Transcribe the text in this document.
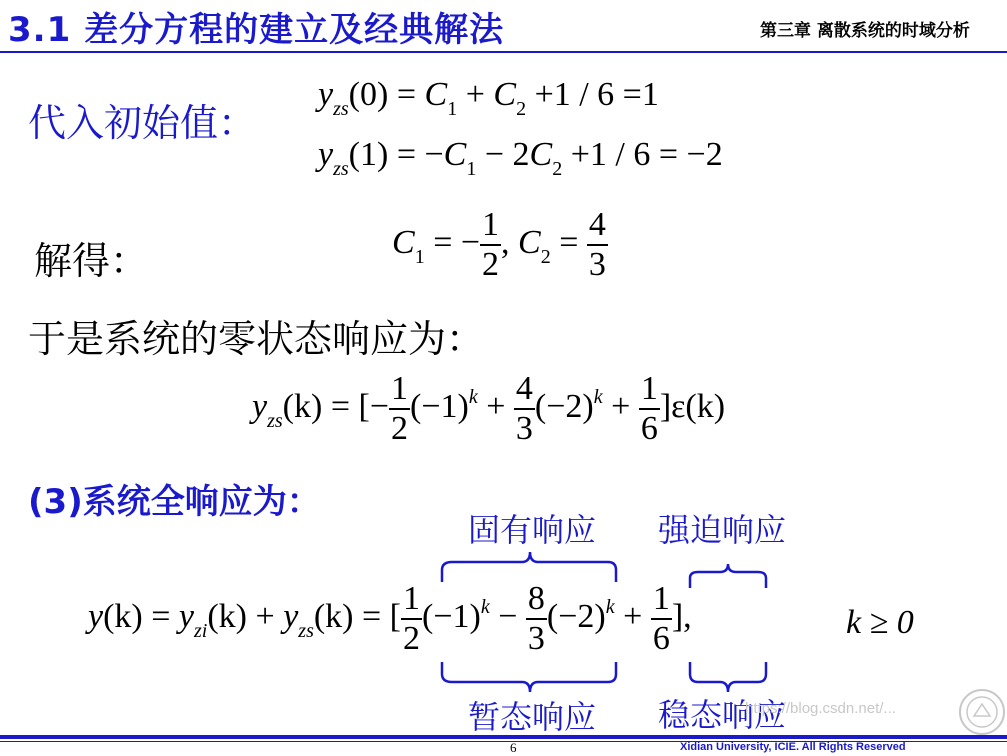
3.1 差分方程的建立及经典解法	第三章 离散系统的时域分析
代入初始值：
$y_{zs}(0) = C_1 + C_2 +1 / 6 =1$
$y_{zs}(1) = -C_1 - 2C_2 +1 / 6 = -2$
解得：	$C_1$ = − $\frac{1}{2}$ , $C_2 = \frac{4}{3}$
于是系统的零状态响应为：
$y_{zs}(k)$ = [− $\frac{1}{2} (-1)^k + \frac{4}{3} (-2)^k + \frac{1}{6} ]\varepsilon(k)$
(3)系统全响应为：
固有响应 强迫响应
$y(k) = y_{zi}(k) + y_{zs}(k)$ = [ $\frac{1}{2} (-1)^k - \frac{8}{3} (-2)^k + \frac{1}{6}$ ],	k ≥ 0
暂态响应 稳态响应
https://blog.csdn.net/...
6	Xidian University, ICIE. All Rights Reserved
